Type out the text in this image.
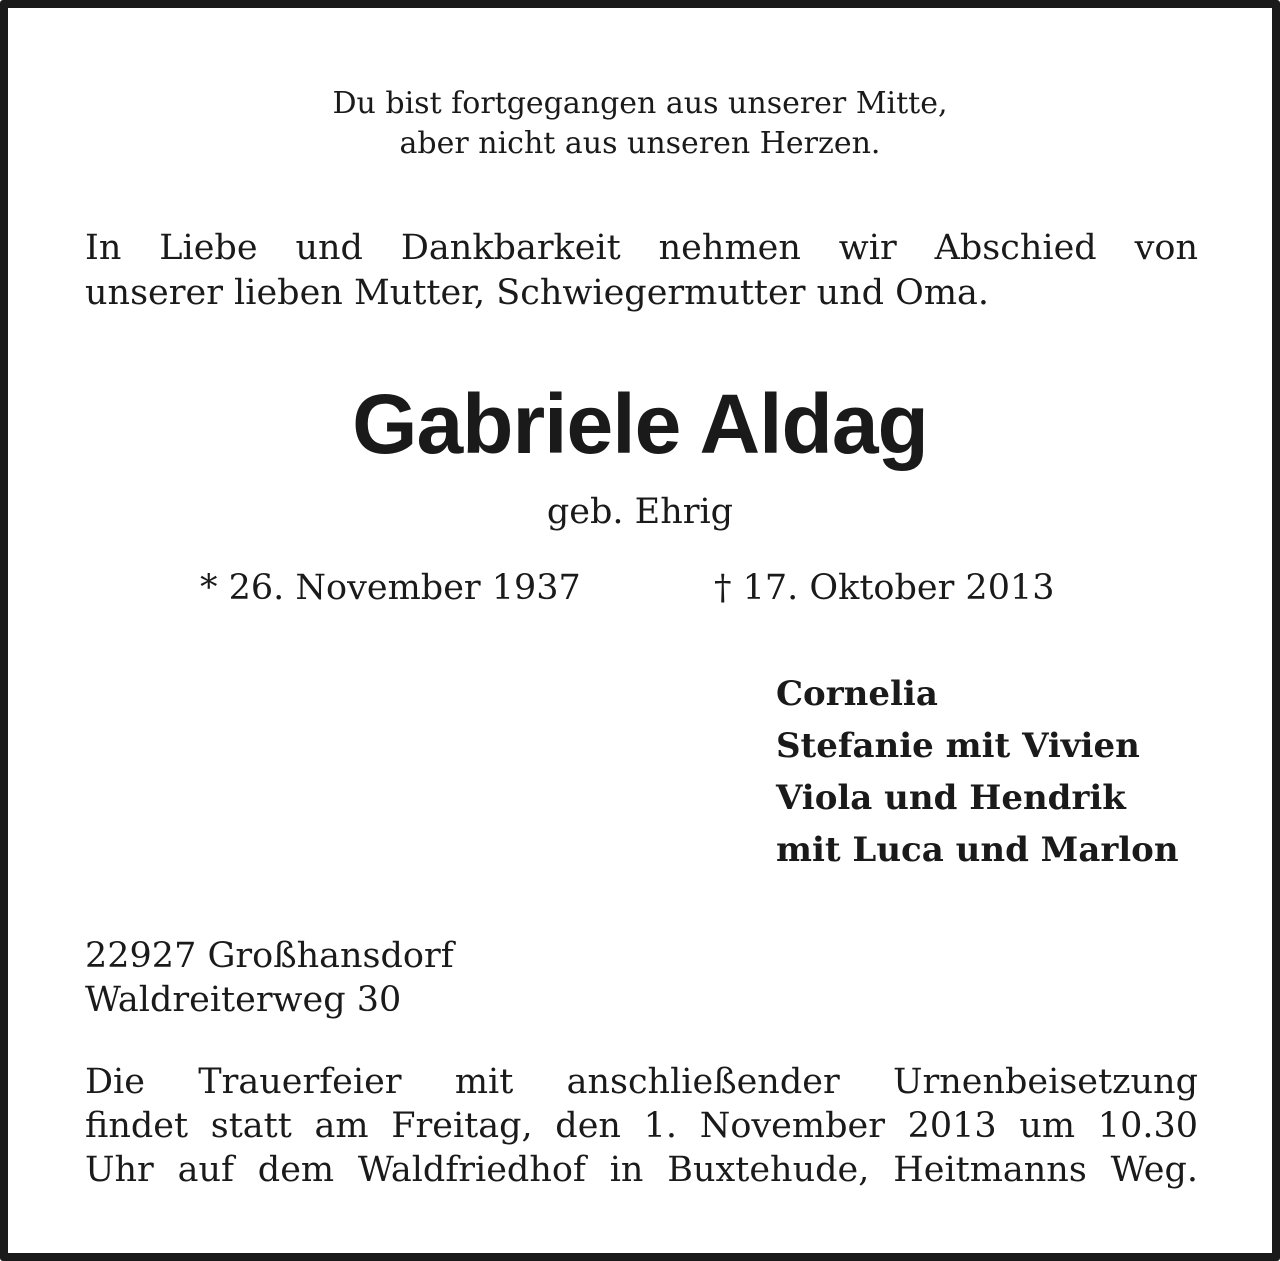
Du bist fortgegangen aus unserer Mitte,
aber nicht aus unseren Herzen.
In Liebe und Dankbarkeit nehmen wir Abschied von
unserer lieben Mutter, Schwiegermutter und Oma.
Gabriele Aldag
geb. Ehrig
* 26. November 1937	† 17. Oktober 2013
Cornelia
Stefanie mit Vivien
Viola und Hendrik
mit Luca und Marlon
22927 Großhansdorf
Waldreiterweg 30
Die Trauerfeier mit anschließender Urnenbeisetzung
findet statt am Freitag, den 1. November 2013 um 10.30
Uhr auf dem Waldfriedhof in Buxtehude, Heitmanns Weg.
